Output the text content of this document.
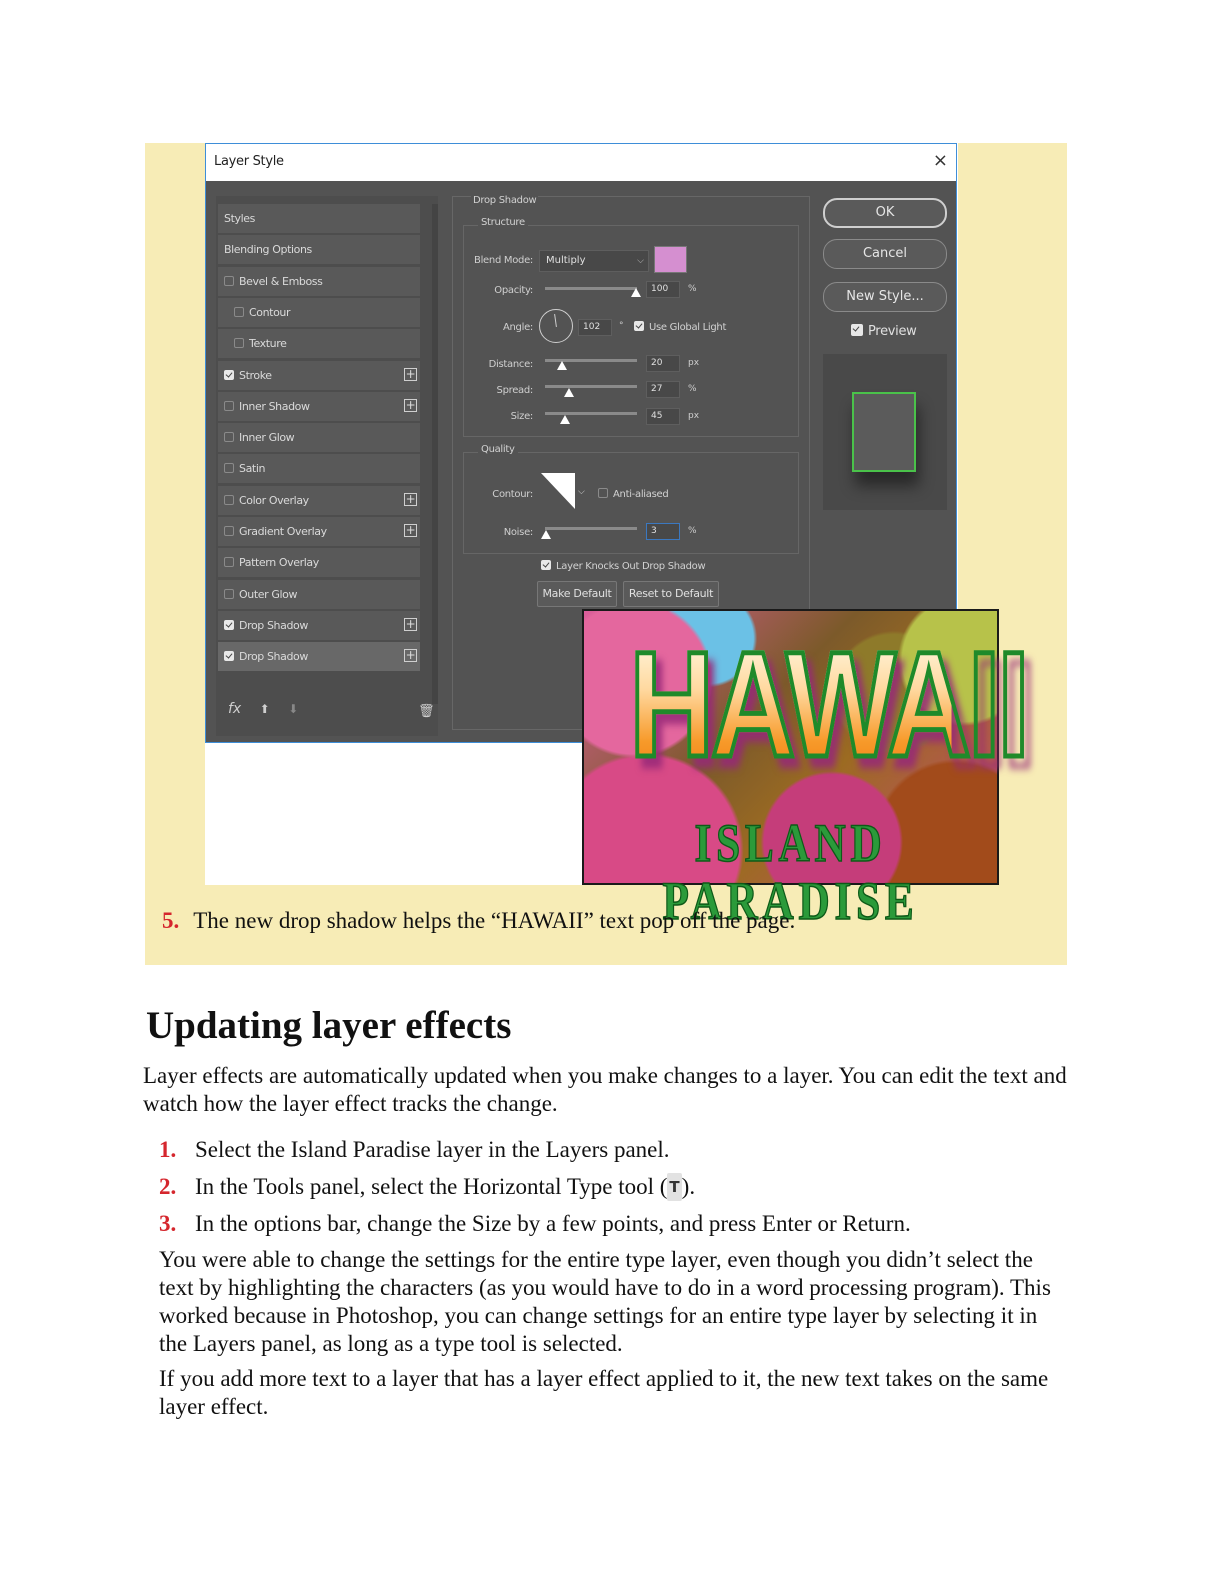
Layer Style	×
fx ⬆ ⬇	🗑
Styles
Blending Options
Bevel & Emboss
Contour
Texture
Stroke	+
Inner Shadow	+
Inner Glow
Satin
Color Overlay	+
Gradient Overlay	+
Pattern Overlay
Outer Glow
Drop Shadow	+
Drop Shadow	+
Drop Shadow
Structure
Blend Mode:	Multiply	⌵
Opacity:	100	%
Angle:	102	°	Use Global Light
Distance:	20	px
Spread:	27	%
Size:	45	px
Quality
Contour:	⌵	Anti-aliased
Noise:	3	%
Layer Knocks Out Drop Shadow
Make Default	Reset to Default
OK
Cancel
New Style...
Preview
HAWAII
ISLAND PARADISE
5. The new drop shadow helps the “HAWAII” text pop off the page.
Updating layer effects

Layer effects are automatically updated when you make changes to a layer. You can edit the text and watch how the layer effect tracks the change.

1. Select the Island Paradise layer in the Layers panel.
2. In the Tools panel, select the Horizontal Type tool ( T).
3. In the options bar, change the Size by a few points, and press Enter or Return.

You were able to change the settings for the entire type layer, even though you didn’t select the text by highlighting the characters (as you would have to do in a word processing program). This worked because in Photoshop, you can change settings for an entire type layer by selecting it in the Layers panel, as long as a type tool is selected.

If you add more text to a layer that has a layer effect applied to it, the new text takes on the same layer effect.
